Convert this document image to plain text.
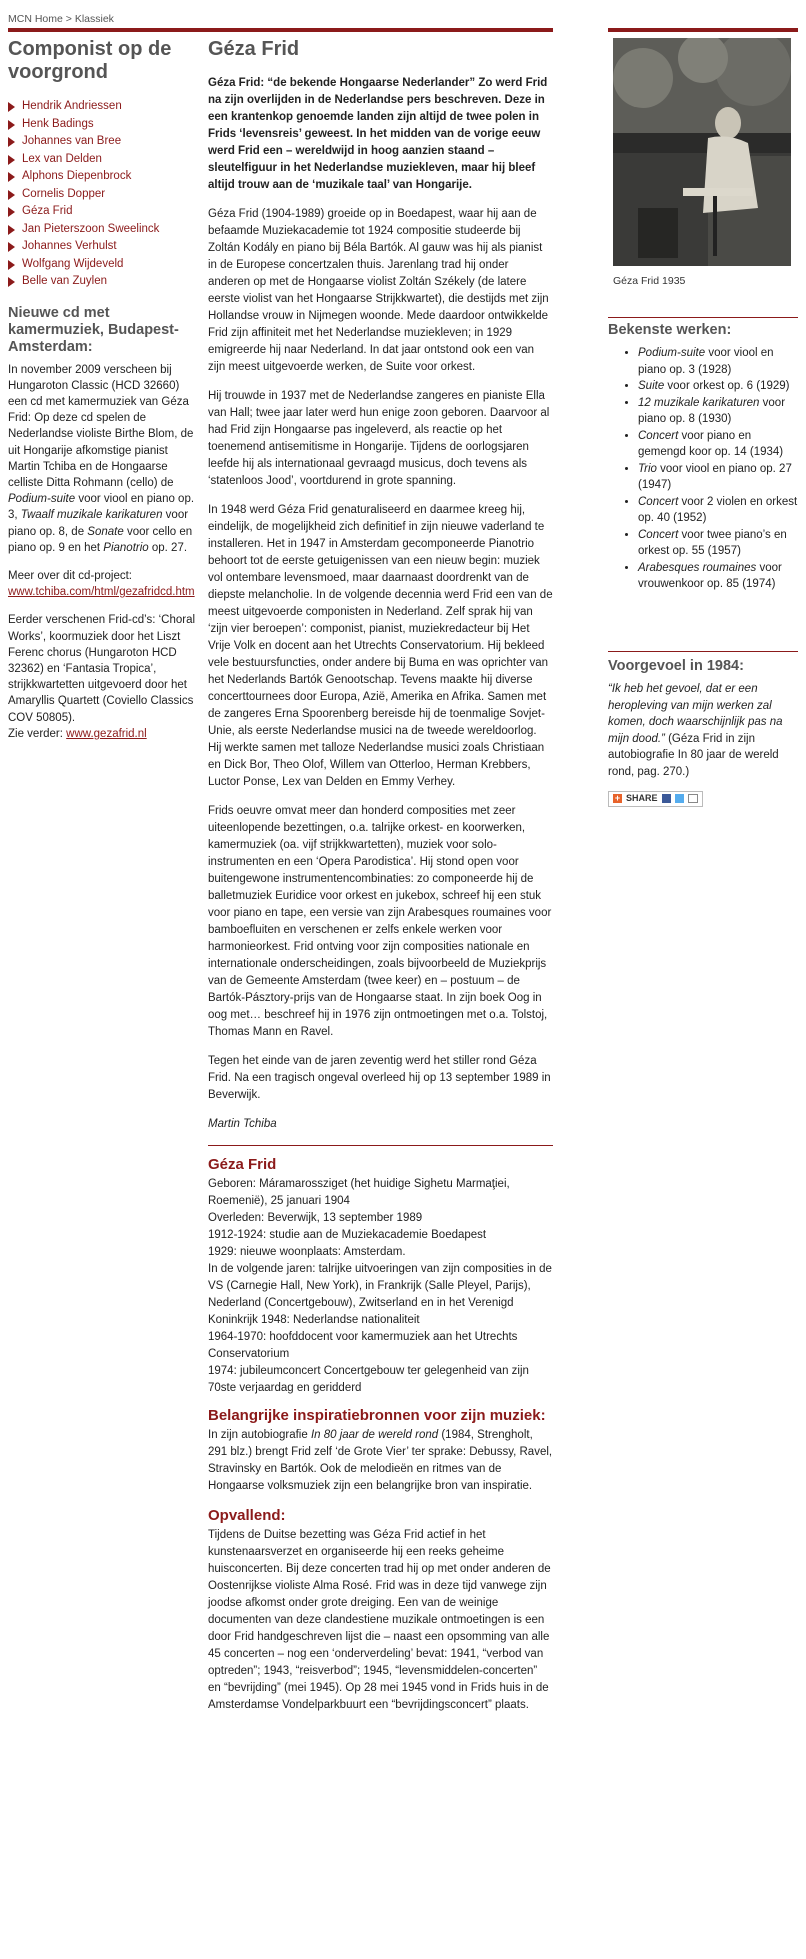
MCN Home > Klassiek
Componist op de voorgrond
Hendrik Andriessen
Henk Badings
Johannes van Bree
Lex van Delden
Alphons Diepenbrock
Cornelis Dopper
Géza Frid
Jan Pieterszoon Sweelinck
Johannes Verhulst
Wolfgang Wijdeveld
Belle van Zuylen
Nieuwe cd met kamermuziek, Budapest-Amsterdam:

In november 2009 verscheen bij Hungaroton Classic (HCD 32660) een cd met kamermuziek van Géza Frid: Op deze cd spelen de Nederlandse violiste Birthe Blom, de uit Hongarije afkomstige pianist Martin Tchiba en de Hongaarse celliste Ditta Rohmann (cello) de Podium-suite voor viool en piano op. 3, Twaalf muzikale karikaturen voor piano op. 8, de Sonate voor cello en piano op. 9 en het Pianotrio op. 27.

Meer over dit cd-project:
www.tchiba.com/html/gezafridcd.htm

Eerder verschenen Frid-cd’s: ‘Choral Works’, koormuziek door het Liszt Ferenc chorus (Hungaroton HCD 32362) en ‘Fantasia Tropica’, strijkkwartetten uitgevoerd door het Amaryllis Quartett (Coviello Classics COV 50805).
Zie verder: www.gezafrid.nl

Géza Frid

Géza Frid: “de bekende Hongaarse Nederlander” Zo werd Frid na zijn overlijden in de Nederlandse pers beschreven. Deze in een krantenkop genoemde landen zijn altijd de twee polen in Frids ‘levensreis’ geweest. In het midden van de vorige eeuw werd Frid een – wereldwijd in hoog aanzien staand – sleutelfiguur in het Nederlandse muziekleven, maar hij bleef altijd trouw aan de ‘muzikale taal’ van Hongarije.

Géza Frid (1904-1989) groeide op in Boedapest, waar hij aan de befaamde Muziekacademie tot 1924 compositie studeerde bij Zoltán Kodály en piano bij Béla Bartók. Al gauw was hij als pianist in de Europese concertzalen thuis. Jarenlang trad hij onder anderen op met de Hongaarse violist Zoltán Székely (de latere eerste violist van het Hongaarse Strijkkwartet), die destijds met zijn Hollandse vrouw in Nijmegen woonde. Mede daardoor ontwikkelde Frid zijn affiniteit met het Nederlandse muziekleven; in 1929 emigreerde hij naar Nederland. In dat jaar ontstond ook een van zijn meest uitgevoerde werken, de Suite voor orkest.

Hij trouwde in 1937 met de Nederlandse zangeres en pianiste Ella van Hall; twee jaar later werd hun enige zoon geboren. Daarvoor al had Frid zijn Hongaarse pas ingeleverd, als reactie op het toenemend antisemitisme in Hongarije. Tijdens de oorlogsjaren leefde hij als internationaal gevraagd musicus, doch tevens als ‘statenloos Jood’, voortdurend in grote spanning.

In 1948 werd Géza Frid genaturaliseerd en daarmee kreeg hij, eindelijk, de mogelijkheid zich definitief in zijn nieuwe vaderland te installeren. Het in 1947 in Amsterdam gecomponeerde Pianotrio behoort tot de eerste getuigenissen van een nieuw begin: muziek vol ontembare levensmoed, maar daarnaast doordrenkt van de diepste melancholie. In de volgende decennia werd Frid een van de meest uitgevoerde componisten in Nederland. Zelf sprak hij van ‘zijn vier beroepen’: componist, pianist, muziekredacteur bij Het Vrije Volk en docent aan het Utrechts Conservatorium. Hij bekleed vele bestuursfuncties, onder andere bij Buma en was oprichter van het Nederlands Bartók Genootschap. Tevens maakte hij diverse concerttournees door Europa, Azië, Amerika en Afrika. Samen met de zangeres Erna Spoorenberg bereisde hij de toenmalige Sovjet-Unie, als eerste Nederlandse musici na de tweede wereldoorlog. Hij werkte samen met talloze Nederlandse musici zoals Christiaan en Dick Bor, Theo Olof, Willem van Otterloo, Herman Krebbers, Luctor Ponse, Lex van Delden en Emmy Verhey.

Frids oeuvre omvat meer dan honderd composities met zeer uiteenlopende bezettingen, o.a. talrijke orkest- en koorwerken, kamermuziek (oa. vijf strijkkwartetten), muziek voor solo-instrumenten en een ‘Opera Parodistica’. Hij stond open voor buitengewone instrumentencombinaties: zo componeerde hij de balletmuziek Euridice voor orkest en jukebox, schreef hij een stuk voor piano en tape, een versie van zijn Arabesques roumaines voor bamboefluiten en verschenen er zelfs enkele werken voor harmonieorkest. Frid ontving voor zijn composities nationale en internationale onderscheidingen, zoals bijvoorbeeld de Muziekprijs van de Gemeente Amsterdam (twee keer) en – postuum – de Bartók-Pásztory-prijs van de Hongaarse staat. In zijn boek Oog in oog met… beschreef hij in 1976 zijn ontmoetingen met o.a. Tolstoj, Thomas Mann en Ravel.

Tegen het einde van de jaren zeventig werd het stiller rond Géza Frid. Na een tragisch ongeval overleed hij op 13 september 1989 in Beverwijk.

Martin Tchiba

Géza Frid
Geboren: Máramarossziget (het huidige Sighetu Marmaţiei, Roemenië), 25 januari 1904
Overleden: Beverwijk, 13 september 1989
1912-1924: studie aan de Muziekacademie Boedapest
1929: nieuwe woonplaats: Amsterdam.
In de volgende jaren: talrijke uitvoeringen van zijn composities in de VS (Carnegie Hall, New York), in Frankrijk (Salle Pleyel, Parijs), Nederland (Concertgebouw), Zwitserland en in het Verenigd Koninkrijk 1948: Nederlandse nationaliteit
1964-1970: hoofddocent voor kamermuziek aan het Utrechts Conservatorium
1974: jubileumconcert Concertgebouw ter gelegenheid van zijn 70ste verjaardag en geridderd
Belangrijke inspiratiebronnen voor zijn muziek:

In zijn autobiografie In 80 jaar de wereld rond (1984, Strengholt, 291 blz.) brengt Frid zelf ‘de Grote Vier’ ter sprake: Debussy, Ravel, Stravinsky en Bartók. Ook de melodieën en ritmes van de Hongaarse volksmuziek zijn een belangrijke bron van inspiratie.

Opvallend:

Tijdens de Duitse bezetting was Géza Frid actief in het kunstenaarsverzet en organiseerde hij een reeks geheime huisconcerten. Bij deze concerten trad hij op met onder anderen de Oostenrijkse violiste Alma Rosé. Frid was in deze tijd vanwege zijn joodse afkomst onder grote dreiging. Een van de weinige documenten van deze clandestiene muzikale ontmoetingen is een door Frid handgeschreven lijst die – naast een opsomming van alle 45 concerten – nog een ‘onderverdeling’ bevat: 1941, “verbod van optreden”; 1943, “reisverbod”; 1945, “levensmiddelen-concerten” en “bevrijding” (mei 1945). Op 28 mei 1945 vond in Frids huis in de Amsterdamse Vondelparkbuurt een “bevrijdingsconcert” plaats.

Géza Frid 1935
Bekenste werken:
• Podium-suite voor viool en piano op. 3 (1928)
• Suite voor orkest op. 6 (1929)
• 12 muzikale karikaturen voor piano op. 8 (1930)
• Concert voor piano en gemengd koor op. 14 (1934)
• Trio voor viool en piano op. 27 (1947)
• Concert voor 2 violen en orkest op. 40 (1952)
• Concert voor twee piano’s en orkest op. 55 (1957)
• Arabesques roumaines voor vrouwenkoor op. 85 (1974)
Voorgevoel in 1984:
“Ik heb het gevoel, dat er een heropleving van mijn werken zal komen, doch waarschijnlijk pas na mijn dood.” (Géza Frid in zijn autobiografie In 80 jaar de wereld rond, pag. 270.)
+ SHARE
